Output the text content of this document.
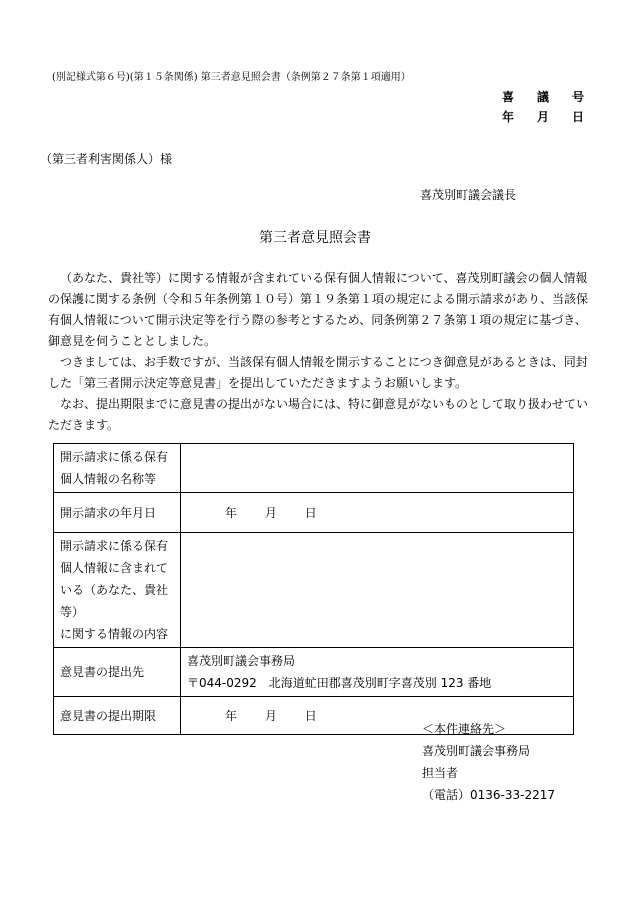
(別記様式第６号)(第１５条関係) 第三者意見照会書（条例第２７条第１項適用）
喜 議 号
年 月 日
（第三者利害関係人）様
喜茂別町議会議長
第三者意見照会書

（あなた、貴社等）に関する情報が含まれている保有個人情報について、喜茂別町議会の個人情報の保護に関する条例（令和５年条例第１０号）第１９条第１項の規定による開示請求があり、当該保有個人情報について開示決定等を行う際の参考とするため、同条例第２７条第１項の規定に基づき、御意見を伺うこととしました。

つきましては、お手数ですが、当該保有個人情報を開示することにつき御意見があるときは、同封した「第三者開示決定等意見書」を提出していただきますようお願いします。

なお、提出期限までに意見書の提出がない場合には、特に御意見がないものとして取り扱わせていただきます。

開示請求に係る保有
個人情報の名称等	

開示請求の年月日	年 月 日

開示請求に係る保有
個人情報に含まれて
いる（あなた、貴社等）
に関する情報の内容	

意見書の提出先	喜茂別町議会事務局
〒044-0292　北海道虻田郡喜茂別町字喜茂別 123 番地

意見書の提出期限	年 月 日
＜本件連絡先＞
喜茂別町議会事務局
担当者
（電話）0136-33-2217
